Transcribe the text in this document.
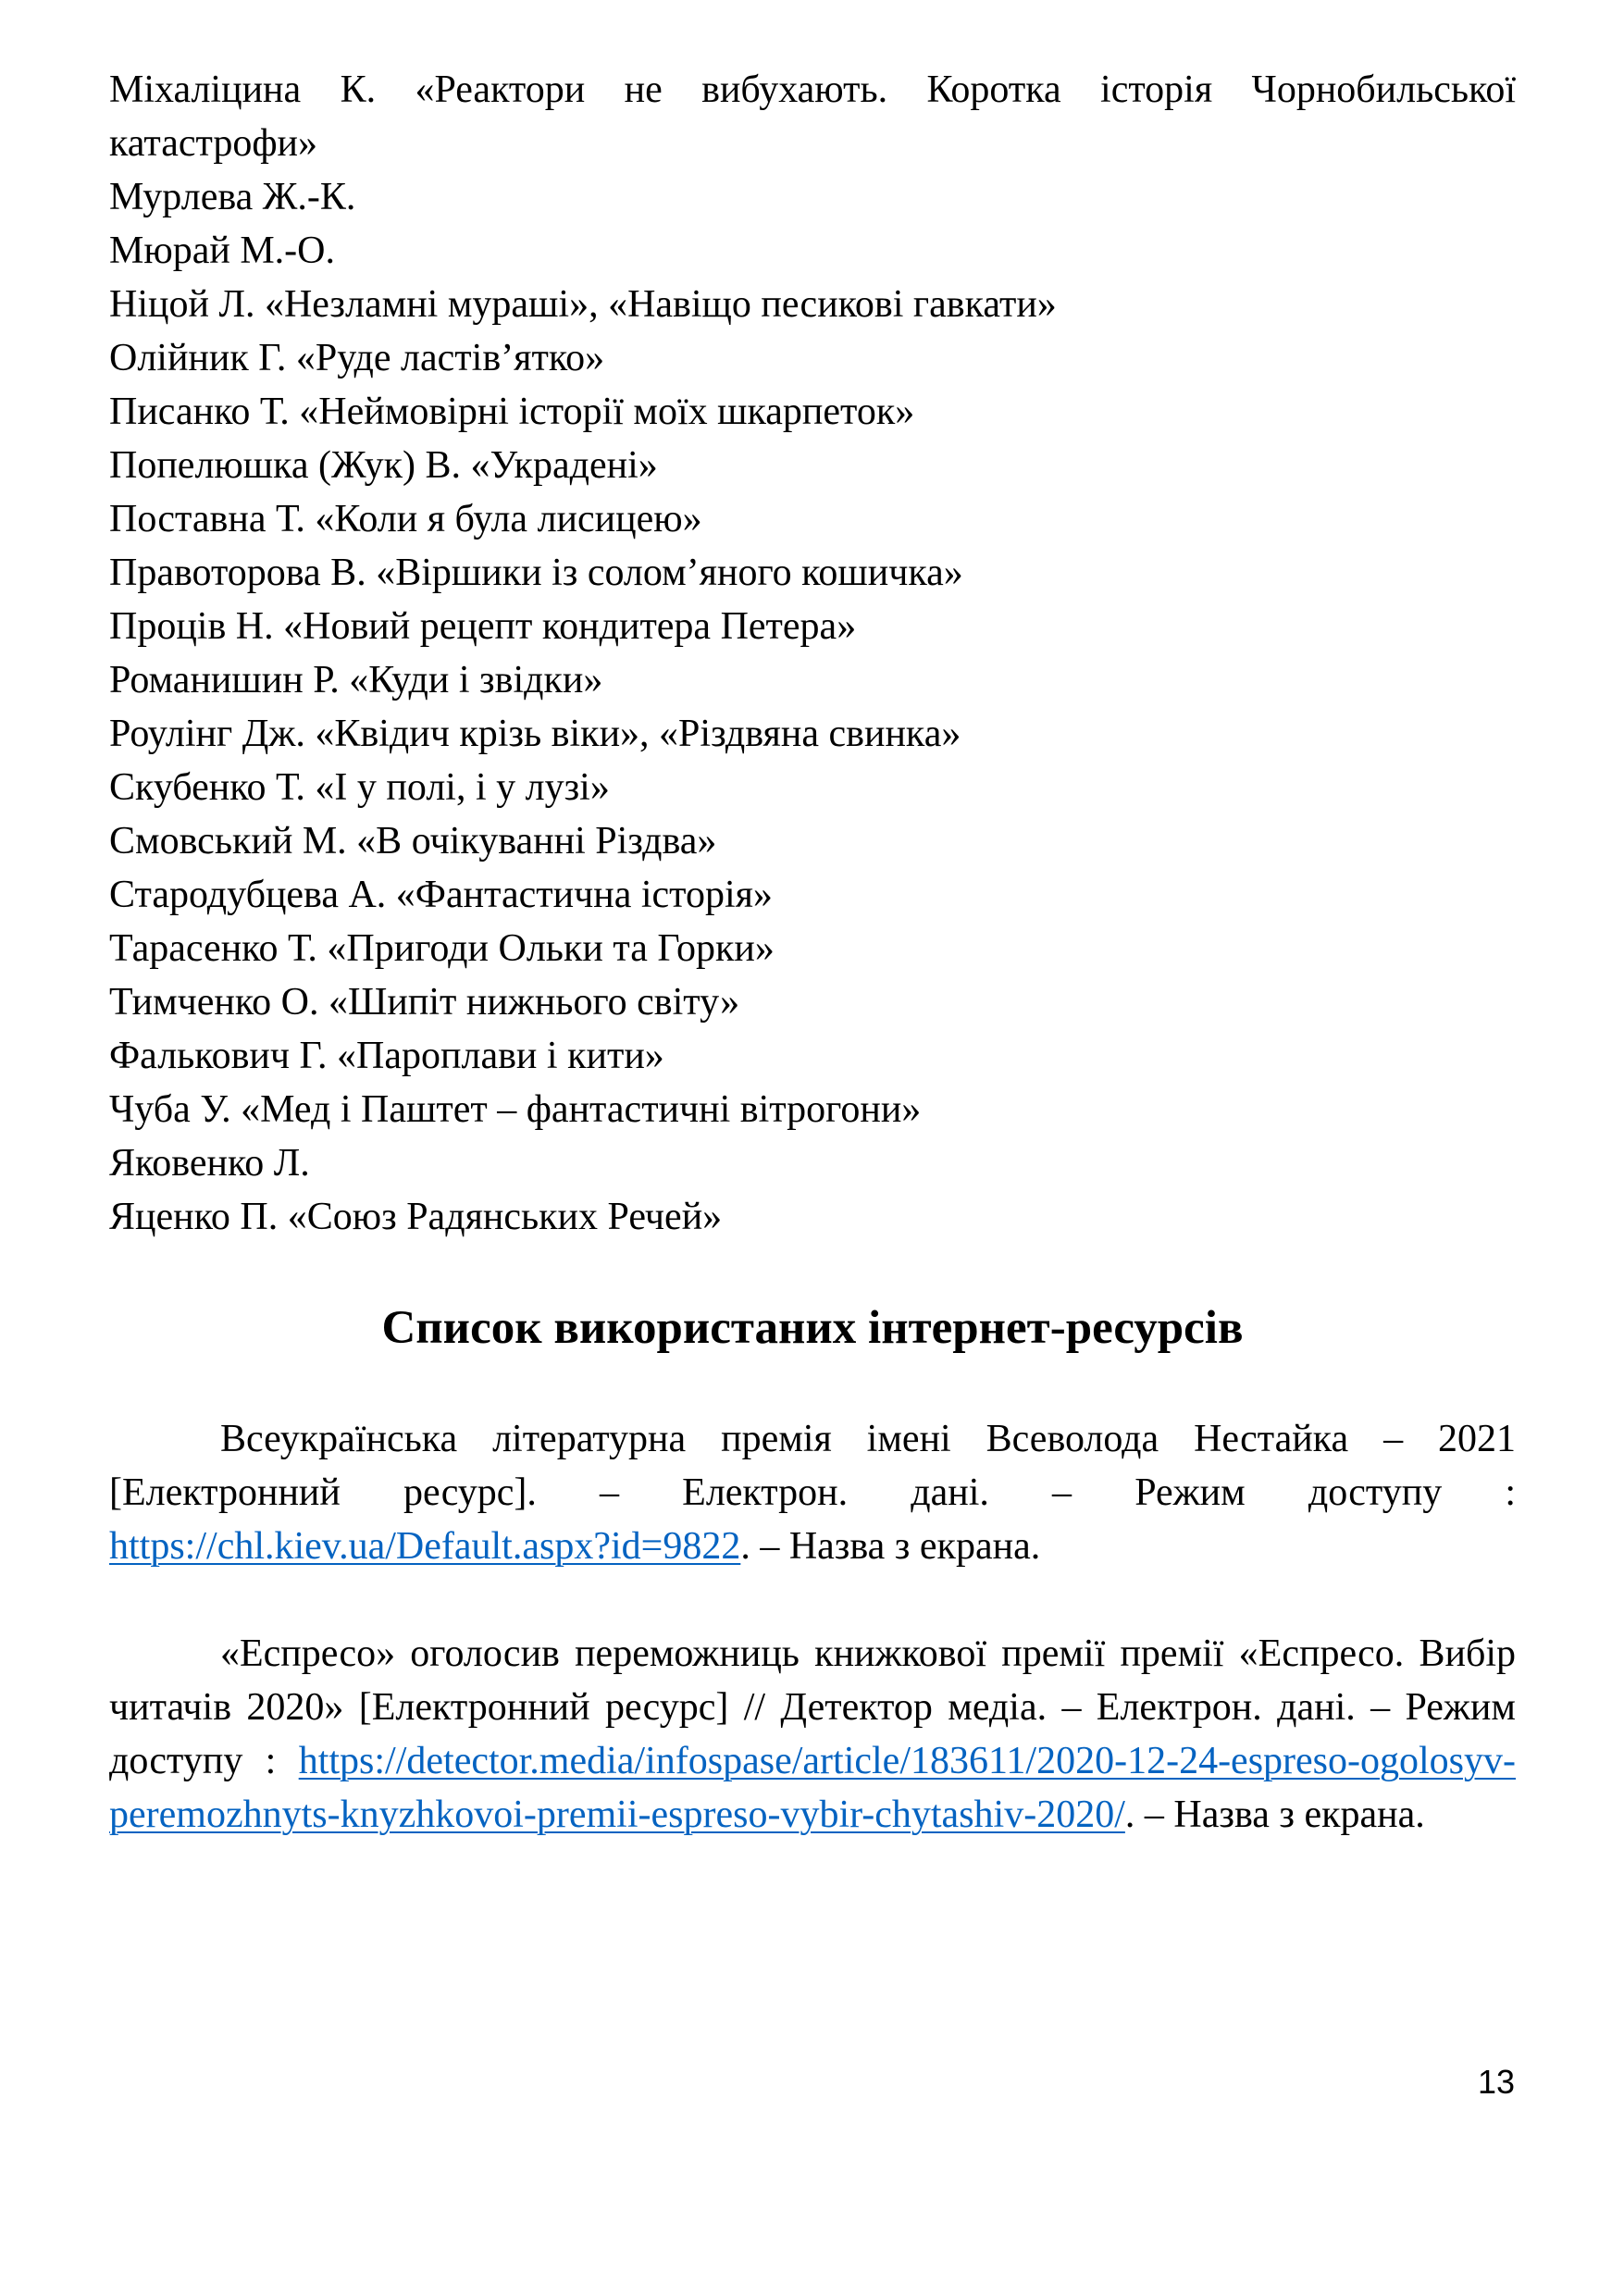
Міхаліцина К. «Реактори не вибухають. Коротка історія Чорнобильської катастрофи»
Мурлева Ж.-К.
Мюрай М.-О.
Ніцой Л. «Незламні мураші», «Навіщо песикові гавкати»
Олійник Г. «Руде ластів’ятко»
Писанко Т. «Неймовірні історії моїх шкарпеток»
Попелюшка (Жук) В. «Украдені»
Поставна Т. «Коли я була лисицею»
Правоторова В. «Віршики із солом’яного кошичка»
Проців Н. «Новий рецепт кондитера Петера»
Романишин Р. «Куди і звідки»
Роулінг Дж. «Квідич крізь віки», «Різдвяна свинка»
Скубенко Т. «І у полі, і у лузі»
Смовський М. «В очікуванні Різдва»
Стародубцева А. «Фантастична історія»
Тарасенко Т. «Пригоди Ольки та Горки»
Тимченко О. «Шипіт нижнього світу»
Фалькович Г. «Пароплави і кити»
Чуба У. «Мед і Паштет – фантастичні вітрогони»
Яковенко Л.
Яценко П. «Союз Радянських Речей»
Список використаних інтернет-ресурсів

Всеукраїнська літературна премія імені Всеволода Нестайка – 2021 [Електронний ресурс]. – Електрон. дані. – Режим доступу : https://chl.kiev.ua/Default.aspx?id=9822. – Назва з екрана.

«Еспресо» оголосив переможниць книжкової премії премії «Еспресо. Вибір читачів 2020» [Електронний ресурс] // Детектор медіа. – Електрон. дані. – Режим доступу : https://detector.media/infospase/article/183611/2020-12-24-espreso-ogolosyv-peremozhnyts-knyzhkovoi-premii-espreso-vybir-chytashiv-2020/. – Назва з екрана.

13
